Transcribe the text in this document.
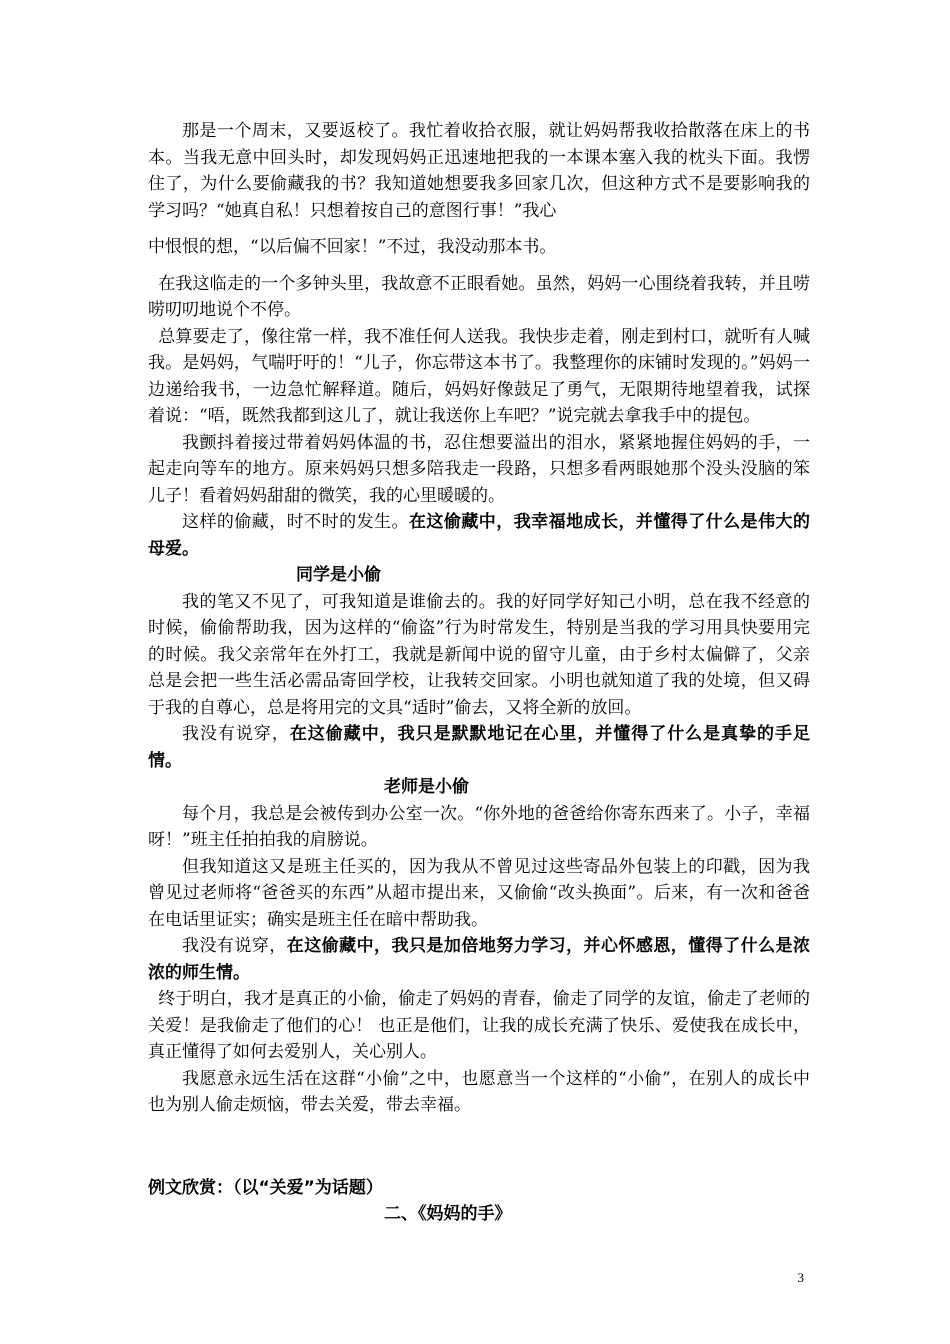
那是一个周末，又要返校了。我忙着收拾衣服，就让妈妈帮我收拾散落在床上的书本。当我无意中回头时，却发现妈妈正迅速地把我的一本课本塞入我的枕头下面。我愣住了，为什么要偷藏我的书？我知道她想要我多回家几次，但这种方式不是要影响我的学习吗？“她真自私！只想着按自己的意图行事！”我心

中恨恨的想，“以后偏不回家！”不过，我没动那本书。

在我这临走的一个多钟头里，我故意不正眼看她。虽然，妈妈一心围绕着我转，并且唠唠叨叨地说个不停。

总算要走了，像往常一样，我不准任何人送我。我快步走着，刚走到村口，就听有人喊我。是妈妈，气喘吁吁的！“儿子，你忘带这本书了。我整理你的床铺时发现的。”妈妈一边递给我书，一边急忙解释道。随后，妈妈好像鼓足了勇气，无限期待地望着我，试探着说：“唔，既然我都到这儿了，就让我送你上车吧？”说完就去拿我手中的提包。

我颤抖着接过带着妈妈体温的书，忍住想要溢出的泪水，紧紧地握住妈妈的手，一起走向等车的地方。原来妈妈只想多陪我走一段路，只想多看两眼她那个没头没脑的笨儿子！看着妈妈甜甜的微笑，我的心里暖暖的。

这样的偷藏，时不时的发生。在这偷藏中，我幸福地成长，并懂得了什么是伟大的母爱。

同学是小偷

我的笔又不见了，可我知道是谁偷去的。我的好同学好知己小明，总在我不经意的时候，偷偷帮助我，因为这样的“偷盗”行为时常发生，特别是当我的学习用具快要用完的时候。我父亲常年在外打工，我就是新闻中说的留守儿童，由于乡村太偏僻了，父亲总是会把一些生活必需品寄回学校，让我转交回家。小明也就知道了我的处境，但又碍于我的自尊心，总是将用完的文具“适时”偷去，又将全新的放回。

我没有说穿，在这偷藏中，我只是默默地记在心里，并懂得了什么是真挚的手足情。

老师是小偷

每个月，我总是会被传到办公室一次。“你外地的爸爸给你寄东西来了。小子，幸福呀！”班主任拍拍我的肩膀说。

但我知道这又是班主任买的，因为我从不曾见过这些寄品外包装上的印戳，因为我曾见过老师将“爸爸买的东西”从超市提出来，又偷偷“改头换面”。后来，有一次和爸爸在电话里证实；确实是班主任在暗中帮助我。

我没有说穿，在这偷藏中，我只是加倍地努力学习，并心怀感恩，懂得了什么是浓浓的师生情。

终于明白，我才是真正的小偷，偷走了妈妈的青春，偷走了同学的友谊，偷走了老师的关爱！是我偷走了他们的心！ 也正是他们，让我的成长充满了快乐、爱使我在成长中，真正懂得了如何去爱别人，关心别人。

我愿意永远生活在这群“小偷”之中，也愿意当一个这样的“小偷”，在别人的成长中也为别人偷走烦恼，带去关爱，带去幸福。

例文欣赏：（以“关爱”为话题）

二、《妈妈的手》

3
